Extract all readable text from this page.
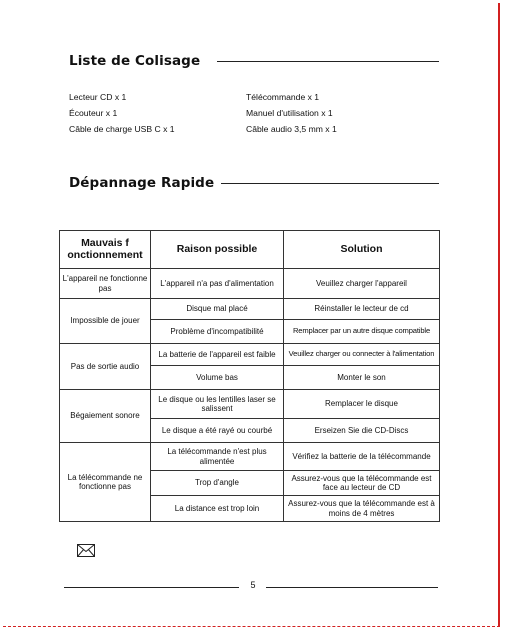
Liste de Colisage
Lecteur CD x 1
Écouteur x 1
Câble de charge USB C x 1
Télécommande x 1
Manuel d'utilisation x 1
Câble audio 3,5 mm x 1
Dépannage Rapide
Mauvais f onctionnement	Raison possible	Solution
L'appareil ne fonctionne pas	L'appareil n'a pas d'alimentation	Veuillez charger l'appareil
Impossible de jouer	Disque mal placé	Réinstaller le lecteur de cd
	Problème d'incompatibilité	Remplacer par un autre disque compatible
Pas de sortie audio	La batterie de l'appareil est faible	Veuillez charger ou connecter à l'alimentation
	Volume bas	Monter le son
Bégaiement sonore	Le disque ou les lentilles laser se salissent	Remplacer le disque
	Le disque a été rayé ou courbé	Erseizen Sie die CD-Discs
La télécommande ne fonctionne pas	La télécommande n'est plus alimentée	Vérifiez la batterie de la télécommande
	Trop d'angle	Assurez-vous que la télécommande est face au lecteur de CD
	La distance est trop loin	Assurez-vous que la télécommande est à moins de 4 mètres
5
